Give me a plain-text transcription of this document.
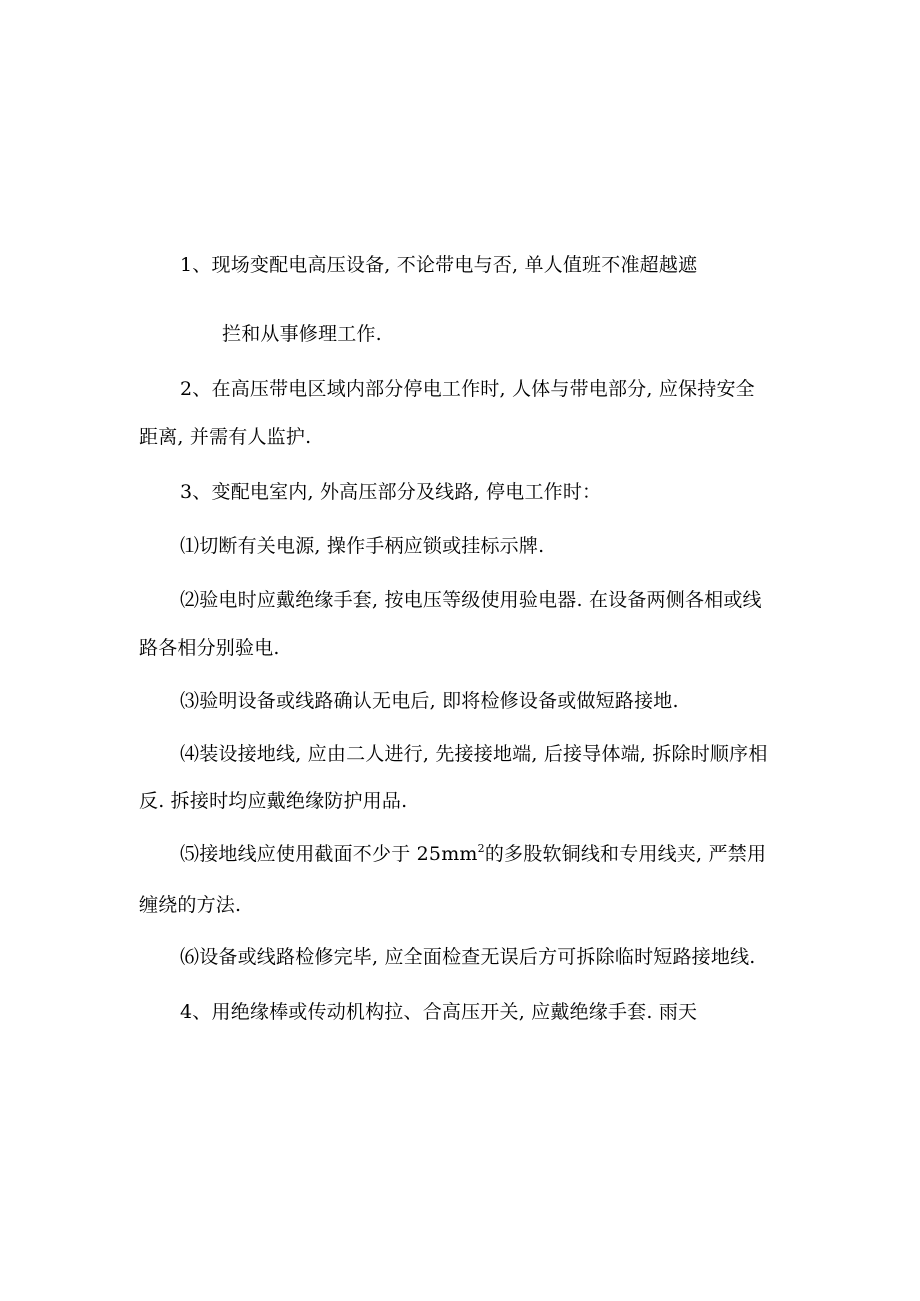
1、现场变配电高压设备, 不论带电与否, 单人值班不准超越遮
拦和从事修理工作.
2、在高压带电区域内部分停电工作时, 人体与带电部分, 应保持安全
距离, 并需有人监护.
3、变配电室内, 外高压部分及线路, 停电工作时：
⑴切断有关电源, 操作手柄应锁或挂标示牌.
⑵验电时应戴绝缘手套, 按电压等级使用验电器. 在设备两侧各相或线
路各相分别验电.
⑶验明设备或线路确认无电后, 即将检修设备或做短路接地.
⑷装设接地线, 应由二人进行, 先接接地端, 后接导体端, 拆除时顺序相
反. 拆接时均应戴绝缘防护用品.
⑸接地线应使用截面不少于 $25mm^2$的多股软铜线和专用线夹, 严禁用
缠绕的方法.
⑹设备或线路检修完毕, 应全面检查无误后方可拆除临时短路接地线.
4、用绝缘棒或传动机构拉、合高压开关, 应戴绝缘手套. 雨天
